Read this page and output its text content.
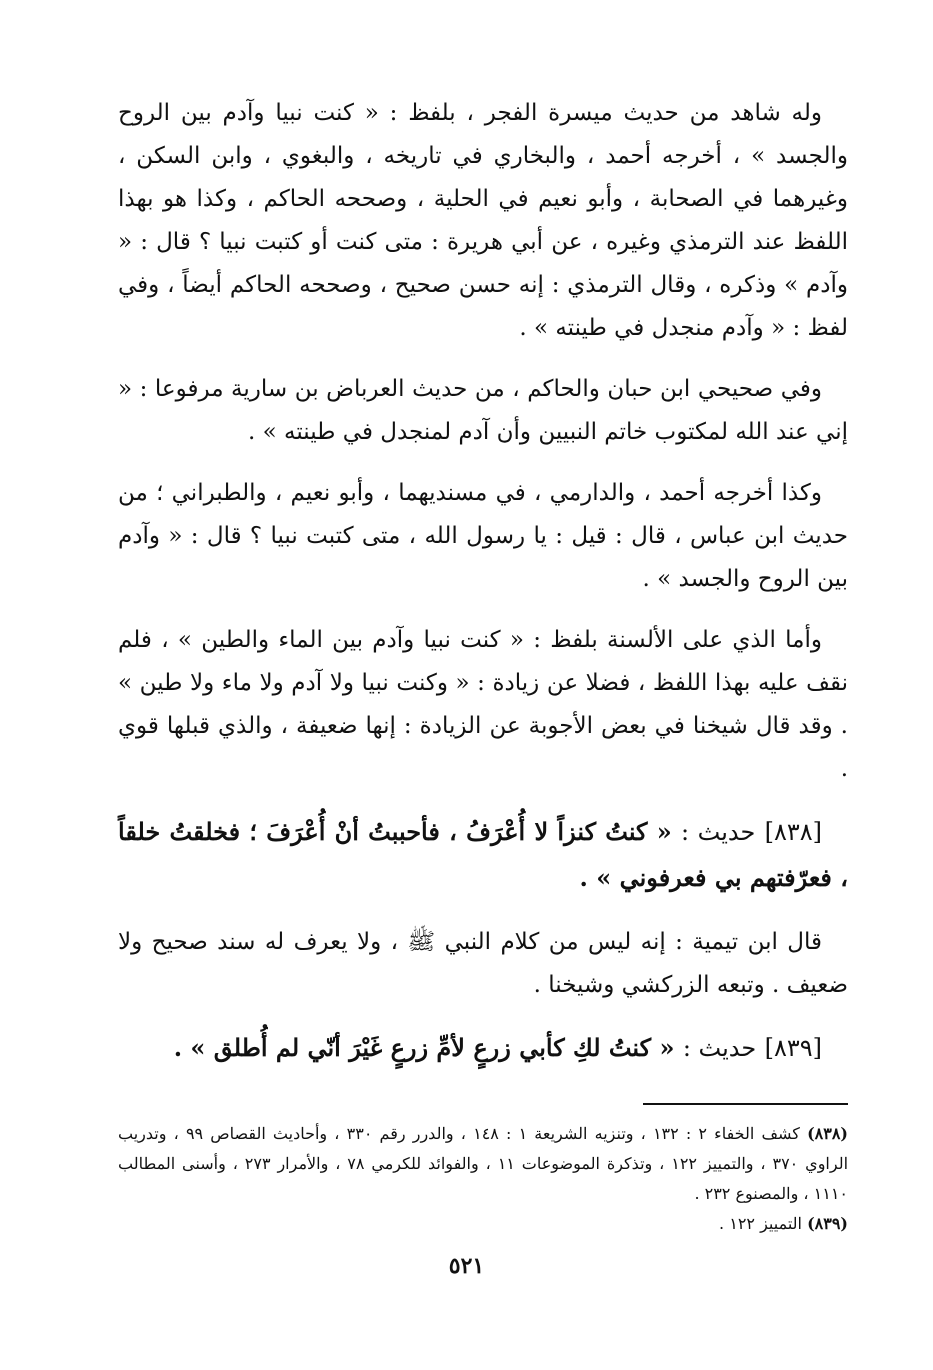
وله شاهد من حديث ميسرة الفجر ، بلفظ : « كنت نبيا وآدم بين الروح والجسد » ، أخرجه أحمد ، والبخاري في تاريخه ، والبغوي ، وابن السكن ، وغيرهما في الصحابة ، وأبو نعيم في الحلية ، وصححه الحاكم ، وكذا هو بهذا اللفظ عند الترمذي وغيره ، عن أبي هريرة : متى كنت أو كتبت نبيا ؟ قال : « وآدم » وذكره ، وقال الترمذي : إنه حسن صحيح ، وصححه الحاكم أيضاً ، وفي لفظ : « وآدم منجدل في طينته » .

وفي صحيحي ابن حبان والحاكم ، من حديث العرباض بن سارية مرفوعا : « إني عند الله لمكتوب خاتم النبيين وأن آدم لمنجدل في طينته » .

وكذا أخرجه أحمد ، والدارمي ، في مسنديهما ، وأبو نعيم ، والطبراني ؛ من حديث ابن عباس ، قال : قيل : يا رسول الله ، متى كتبت نبيا ؟ قال : « وآدم بين الروح والجسد » .

وأما الذي على الألسنة بلفظ : « كنت نبيا وآدم بين الماء والطين » ، فلم نقف عليه بهذا اللفظ ، فضلا عن زيادة : « وكنت نبيا ولا آدم ولا ماء ولا طين » . وقد قال شيخنا في بعض الأجوبة عن الزيادة : إنها ضعيفة ، والذي قبلها قوي .

[٨٣٨] حديث : « كنتُ كنزاً لا أُعْرَفُ ، فأحببتُ أنْ أُعْرَفَ ؛ فخلقتُ خلقاً ، فعرّفتهم بي فعرفوني » .

قال ابن تيمية : إنه ليس من كلام النبي ﷺ ، ولا يعرف له سند صحيح ولا ضعيف . وتبعه الزركشي وشيخنا .

[٨٣٩] حديث : « كنتُ لكِ كأبي زرعٍ لأمِّ زرعٍ غَيْرَ أنّي لم أُطلق » .

(٨٣٨) كشف الخفاء ٢ : ١٣٢ ، وتنزيه الشريعة ١ : ١٤٨ ، والدرر رقم ٣٣٠ ، وأحاديث القصاص ٩٩ ، وتدريب الراوي ٣٧٠ ، والتمييز ١٢٢ ، وتذكرة الموضوعات ١١ ، والفوائد للكرمي ٧٨ ، والأمرار ٢٧٣ ، وأسنى المطالب ١١١٠ ، والمصنوع ٢٣٢ .

(٨٣٩) التمييز ١٢٢ .

٥٢١
